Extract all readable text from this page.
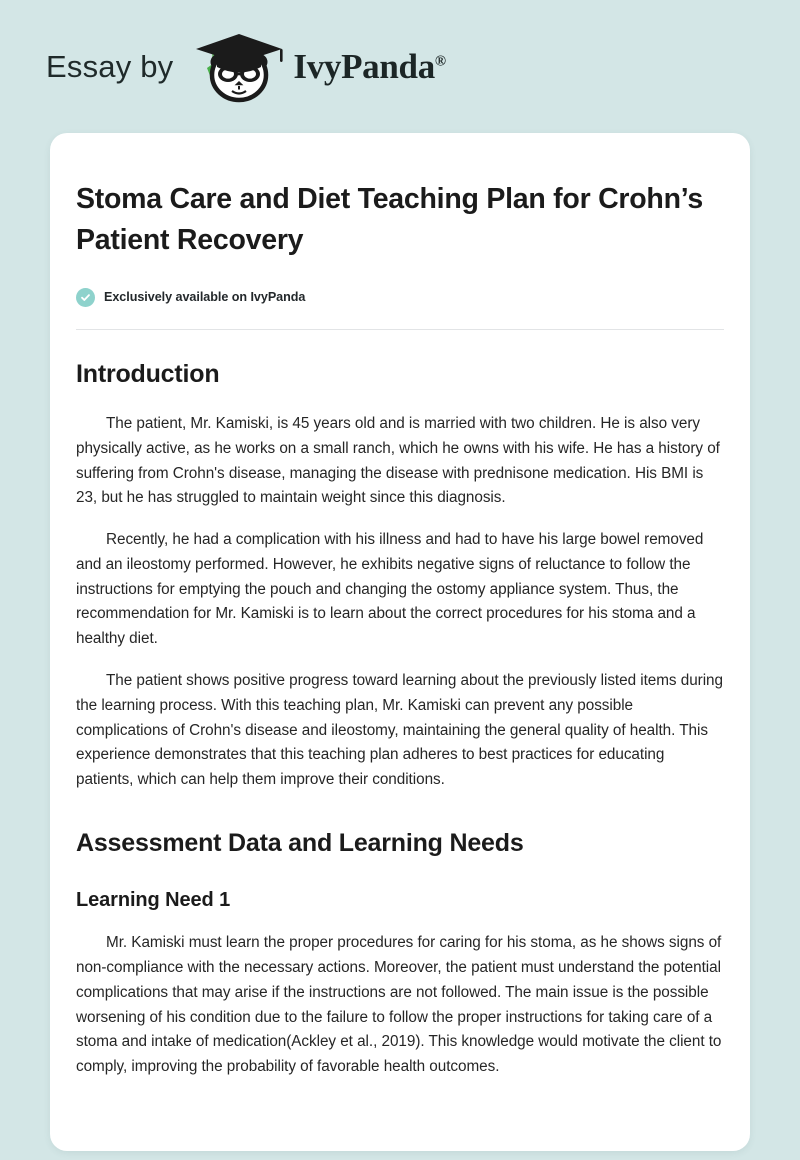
Essay by	IvyPanda®
Stoma Care and Diet Teaching Plan for Crohn’s Patient Recovery
Exclusively available on IvyPanda
Introduction

The patient, Mr. Kamiski, is 45 years old and is married with two children. He is also very physically active, as he works on a small ranch, which he owns with his wife. He has a history of suffering from Crohn's disease, managing the disease with prednisone medication. His BMI is 23, but he has struggled to maintain weight since this diagnosis.

Recently, he had a complication with his illness and had to have his large bowel removed and an ileostomy performed. However, he exhibits negative signs of reluctance to follow the instructions for emptying the pouch and changing the ostomy appliance system. Thus, the recommendation for Mr. Kamiski is to learn about the correct procedures for his stoma and a healthy diet.

The patient shows positive progress toward learning about the previously listed items during the learning process. With this teaching plan, Mr. Kamiski can prevent any possible complications of Crohn's disease and ileostomy, maintaining the general quality of health. This experience demonstrates that this teaching plan adheres to best practices for educating patients, which can help them improve their conditions.

Assessment Data and Learning Needs
Learning Need 1

Mr. Kamiski must learn the proper procedures for caring for his stoma, as he shows signs of non-compliance with the necessary actions. Moreover, the patient must understand the potential complications that may arise if the instructions are not followed. The main issue is the possible worsening of his condition due to the failure to follow the proper instructions for taking care of a stoma and intake of medication(Ackley et al., 2019). This knowledge would motivate the client to comply, improving the probability of favorable health outcomes.
